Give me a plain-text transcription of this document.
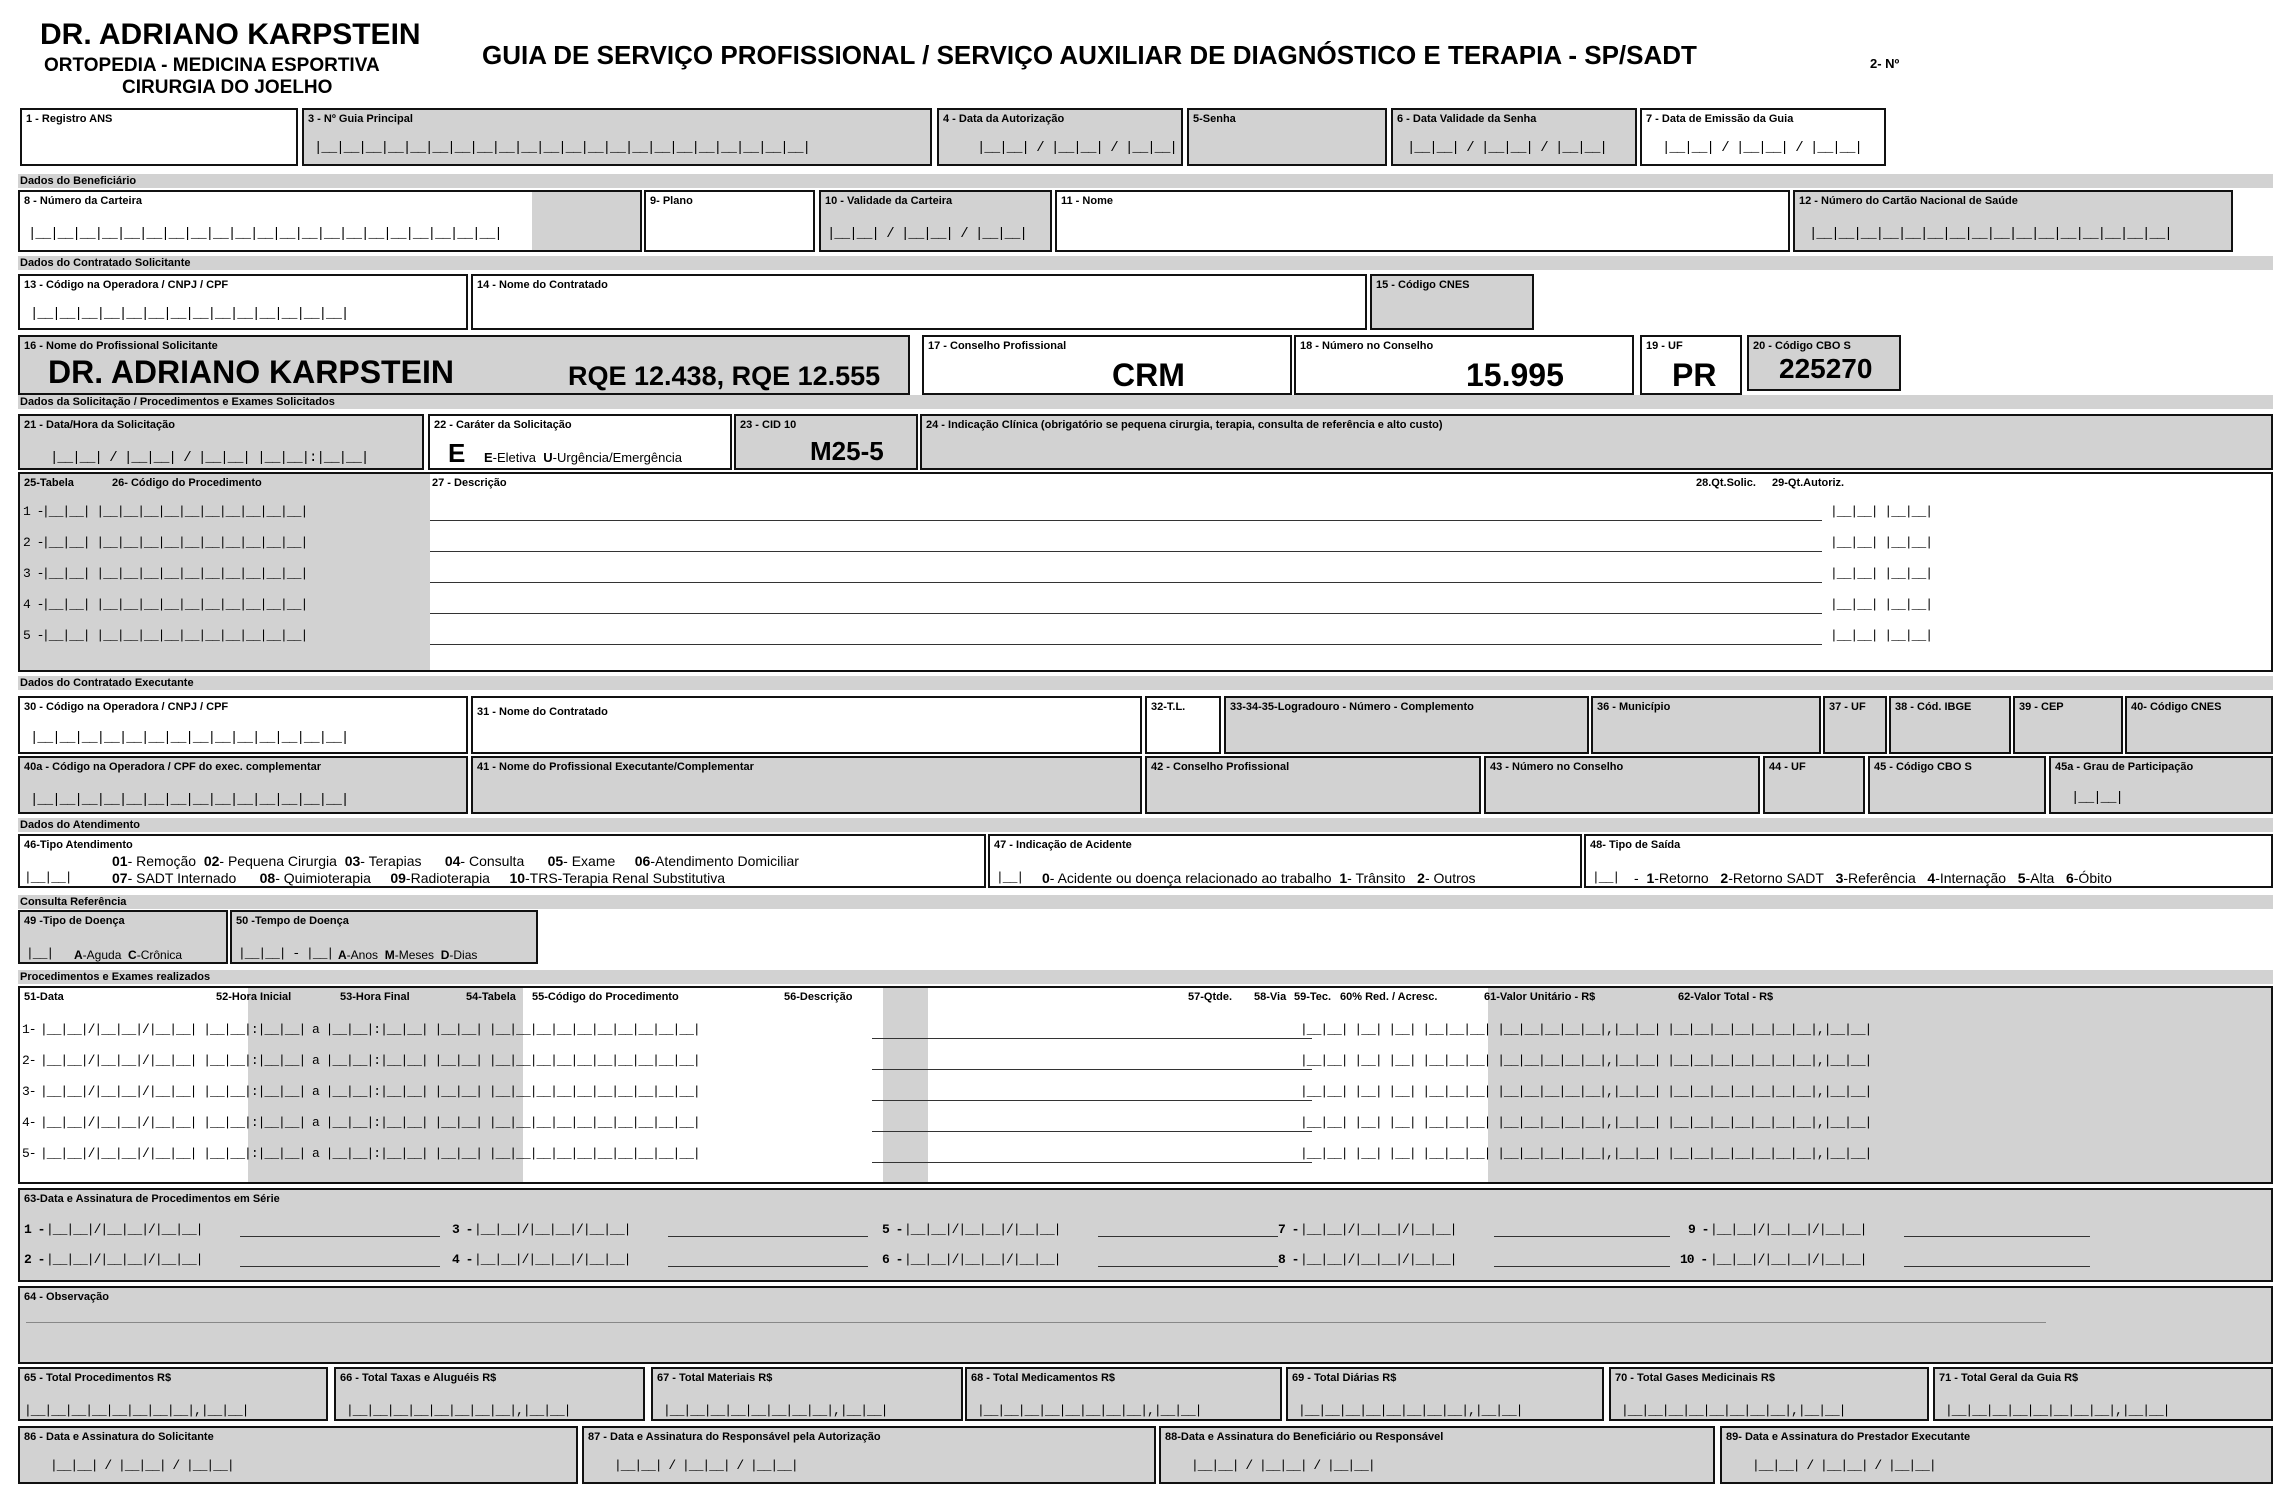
DR. ADRIANO KARPSTEIN
ORTOPEDIA - MEDICINA ESPORTIVA
CIRURGIA DO JOELHO
GUIA DE SERVIÇO PROFISSIONAL / SERVIÇO AUXILIAR DE DIAGNÓSTICO E TERAPIA - SP/SADT	2- Nº
1 - Registro ANS	3 - Nº Guia Principal
|__|__|__|__|__|__|__|__|__|__|__|__|__|__|__|__|__|__|__|__|__|__|
4 - Data da Autorização
|__|__| / |__|__| / |__|__|
5-Senha	6 - Data Validade da Senha
|__|__| / |__|__| / |__|__|
7 - Data de Emissão da Guia
|__|__| / |__|__| / |__|__|
Dados do Beneficiário
8 - Número da Carteira
|__|__|__|__|__|__|__|__|__|__|__|__|__|__|__|__|__|__|__|__|__|
9- Plano	10 - Validade da Carteira
|__|__| / |__|__| / |__|__|
11 - Nome	12 - Número do Cartão Nacional de Saúde
|__|__|__|__|__|__|__|__|__|__|__|__|__|__|__|__|
Dados do Contratado Solicitante
13 - Código na Operadora / CNPJ / CPF
|__|__|__|__|__|__|__|__|__|__|__|__|__|__|
14 - Nome do Contratado	15 - Código CNES
16 - Nome do Profissional Solicitante
DR. ADRIANO KARPSTEIN	RQE 12.438, RQE 12.555
17 - Conselho Profissional
CRM
18 - Número no Conselho
15.995
19 - UF
PR
20 - Código CBO S
225270
Dados da Solicitação / Procedimentos e Exames Solicitados
21 - Data/Hora da Solicitação
|__|__| / |__|__| / |__|__| |__|__|:|__|__|
22 - Caráter da Solicitação
E E-Eletiva U-Urgência/Emergência
23 - CID 10
M25-5
24 - Indicação Clínica (obrigatório se pequena cirurgia, terapia, consulta de referência e alto custo)
25-Tabela	26- Código do Procedimento	27 - Descrição	28.Qt.Solic. 29-Qt.Autoriz.
1 -
|__|__| |__|__|__|__|__|__|__|__|__|__|	|__|__| |__|__|
2 -
|__|__| |__|__|__|__|__|__|__|__|__|__|	|__|__| |__|__|
3 -
|__|__| |__|__|__|__|__|__|__|__|__|__|	|__|__| |__|__|
4 -
|__|__| |__|__|__|__|__|__|__|__|__|__|	|__|__| |__|__|
5 -
|__|__| |__|__|__|__|__|__|__|__|__|__|	|__|__| |__|__|
Dados do Contratado Executante
30 - Código na Operadora / CNPJ / CPF
|__|__|__|__|__|__|__|__|__|__|__|__|__|__|
31 - Nome do Contratado	32-T.L.	33-34-35-Logradouro - Número - Complemento	36 - Município	37 - UF	38 - Cód. IBGE	39 - CEP	40- Código CNES
40a - Código na Operadora / CPF do exec. complementar
|__|__|__|__|__|__|__|__|__|__|__|__|__|__|
41 - Nome do Profissional Executante/Complementar	42 - Conselho Profissional	43 - Número no Conselho	44 - UF	45 - Código CBO S	45a - Grau de Participação
|__|__|
Dados do Atendimento
46-Tipo Atendimento
|__|__|
01- Remoção 02- Pequena Cirurgia 03- Terapias 04- Consulta 05- Exame 06-Atendimento Domiciliar
07- SADT Internado 08- Quimioterapia 09-Radioterapia 10-TRS-Terapia Renal Substitutiva
47 - Indicação de Acidente
|__| 0- Acidente ou doença relacionado ao trabalho 1- Trânsito 2- Outros
48- Tipo de Saída
|__| -  1-Retorno 2-Retorno SADT 3-Referência 4-Internação 5-Alta 6-Óbito
Consulta Referência
49 -Tipo de Doença
|__| A-Aguda C-Crônica
50 -Tempo de Doença
|__|__| - |__| A-Anos M-Meses D-Dias
Procedimentos e Exames realizados
51-Data	52-Hora Inicial	53-Hora Final	54-Tabela 55-Código do Procedimento	56-Descrição	57-Qtde. 58-Via 59-Tec. 60% Red. / Acresc.	61-Valor Unitário - R$	62-Valor Total - R$
1- |__|__|/|__|__|/|__|__| |__|__|:|__|__| a |__|__|:|__|__| |__|__| |__|__|__|__|__|__|__|__|__|__|	|__|__| |__| |__| |__|__|__| |__|__|__|__|__|,|__|__| |__|__|__|__|__|__|__|,|__|__|
2- |__|__|/|__|__|/|__|__| |__|__|:|__|__| a |__|__|:|__|__| |__|__| |__|__|__|__|__|__|__|__|__|__|	|__|__| |__| |__| |__|__|__| |__|__|__|__|__|,|__|__| |__|__|__|__|__|__|__|,|__|__|
3- |__|__|/|__|__|/|__|__| |__|__|:|__|__| a |__|__|:|__|__| |__|__| |__|__|__|__|__|__|__|__|__|__|	|__|__| |__| |__| |__|__|__| |__|__|__|__|__|,|__|__| |__|__|__|__|__|__|__|,|__|__|
4- |__|__|/|__|__|/|__|__| |__|__|:|__|__| a |__|__|:|__|__| |__|__| |__|__|__|__|__|__|__|__|__|__|	|__|__| |__| |__| |__|__|__| |__|__|__|__|__|,|__|__| |__|__|__|__|__|__|__|,|__|__|
5- |__|__|/|__|__|/|__|__| |__|__|:|__|__| a |__|__|:|__|__| |__|__| |__|__|__|__|__|__|__|__|__|__|	|__|__| |__| |__| |__|__|__| |__|__|__|__|__|,|__|__| |__|__|__|__|__|__|__|,|__|__|
63-Data e Assinatura de Procedimentos em Série
1 - |__|__|/|__|__|/|__|__|	3 - |__|__|/|__|__|/|__|__|	5 - |__|__|/|__|__|/|__|__|	7 - |__|__|/|__|__|/|__|__|	9 - |__|__|/|__|__|/|__|__|
2 - |__|__|/|__|__|/|__|__|	4 - |__|__|/|__|__|/|__|__|	6 - |__|__|/|__|__|/|__|__|	8 - |__|__|/|__|__|/|__|__|	10 - |__|__|/|__|__|/|__|__|
64 - Observação
65 - Total Procedimentos R$
|__|__|__|__|__|__|__|__|,|__|__|
66 - Total Taxas e Aluguéis R$
|__|__|__|__|__|__|__|__|,|__|__|
67 - Total Materiais R$
|__|__|__|__|__|__|__|__|,|__|__|
68 - Total Medicamentos R$
|__|__|__|__|__|__|__|__|,|__|__|
69 - Total Diárias R$
|__|__|__|__|__|__|__|__|,|__|__|
70 - Total Gases Medicinais R$
|__|__|__|__|__|__|__|__|,|__|__|
71 - Total Geral da Guia R$
|__|__|__|__|__|__|__|__|,|__|__|
86 - Data e Assinatura do Solicitante
|__|__| / |__|__| / |__|__|
87 - Data e Assinatura do Responsável pela Autorização
|__|__| / |__|__| / |__|__|
88-Data e Assinatura do Beneficiário ou Responsável
|__|__| / |__|__| / |__|__|
89- Data e Assinatura do Prestador Executante
|__|__| / |__|__| / |__|__|
